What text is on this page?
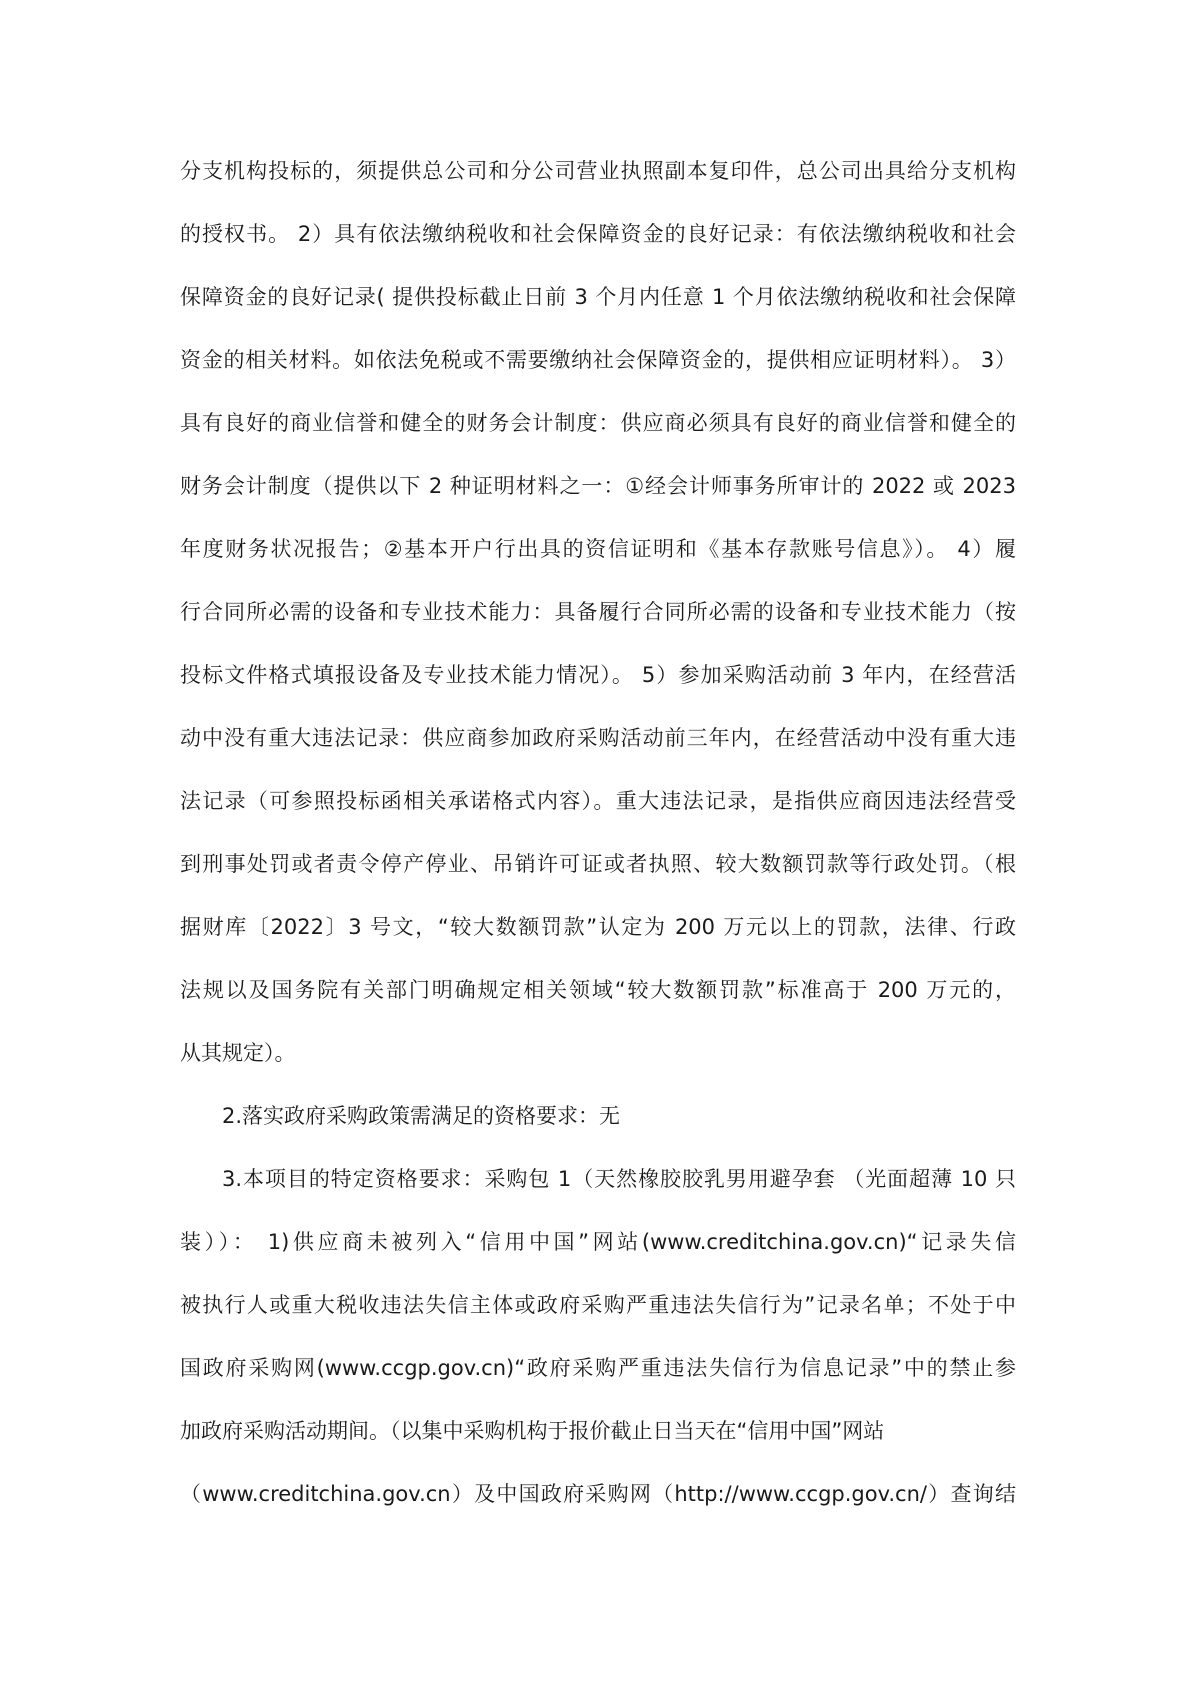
分支机构投标的，须提供总公司和分公司营业执照副本复印件，总公司出具给分支机构
的授权书。 2）具有依法缴纳税收和社会保障资金的良好记录：有依法缴纳税收和社会
保障资金的良好记录( 提供投标截止日前 3 个月内任意 1 个月依法缴纳税收和社会保障
资金的相关材料。如依法免税或不需要缴纳社会保障资金的，提供相应证明材料）。 3）
具有良好的商业信誉和健全的财务会计制度：供应商必须具有良好的商业信誉和健全的
财务会计制度（提供以下 2 种证明材料之一：①经会计师事务所审计的 2022 或 2023
年度财务状况报告；②基本开户行出具的资信证明和《基本存款账号信息》）。 4）履
行合同所必需的设备和专业技术能力：具备履行合同所必需的设备和专业技术能力（按
投标文件格式填报设备及专业技术能力情况）。 5）参加采购活动前 3 年内，在经营活
动中没有重大违法记录：供应商参加政府采购活动前三年内，在经营活动中没有重大违
法记录（可参照投标函相关承诺格式内容）。重大违法记录，是指供应商因违法经营受
到刑事处罚或者责令停产停业、吊销许可证或者执照、较大数额罚款等行政处罚。（根
据财库〔2022〕3 号文，“较大数额罚款”认定为 200 万元以上的罚款，法律、行政
法规以及国务院有关部门明确规定相关领域“较大数额罚款”标准高于 200 万元的，
从其规定）。
2.落实政府采购政策需满足的资格要求：无
3.本项目的特定资格要求：采购包 1（天然橡胶胶乳男用避孕套 （光面超薄 10 只
装））： 1)供应商未被列入“信用中国”网站(www.creditchina.gov.cn)“记录失信
被执行人或重大税收违法失信主体或政府采购严重违法失信行为”记录名单；不处于中
国政府采购网(www.ccgp.gov.cn)“政府采购严重违法失信行为信息记录”中的禁止参
加政府采购活动期间。（以集中采购机构于报价截止日当天在“信用中国”网站
（www.creditchina.gov.cn）及中国政府采购网（http://www.ccgp.gov.cn/）查询结
